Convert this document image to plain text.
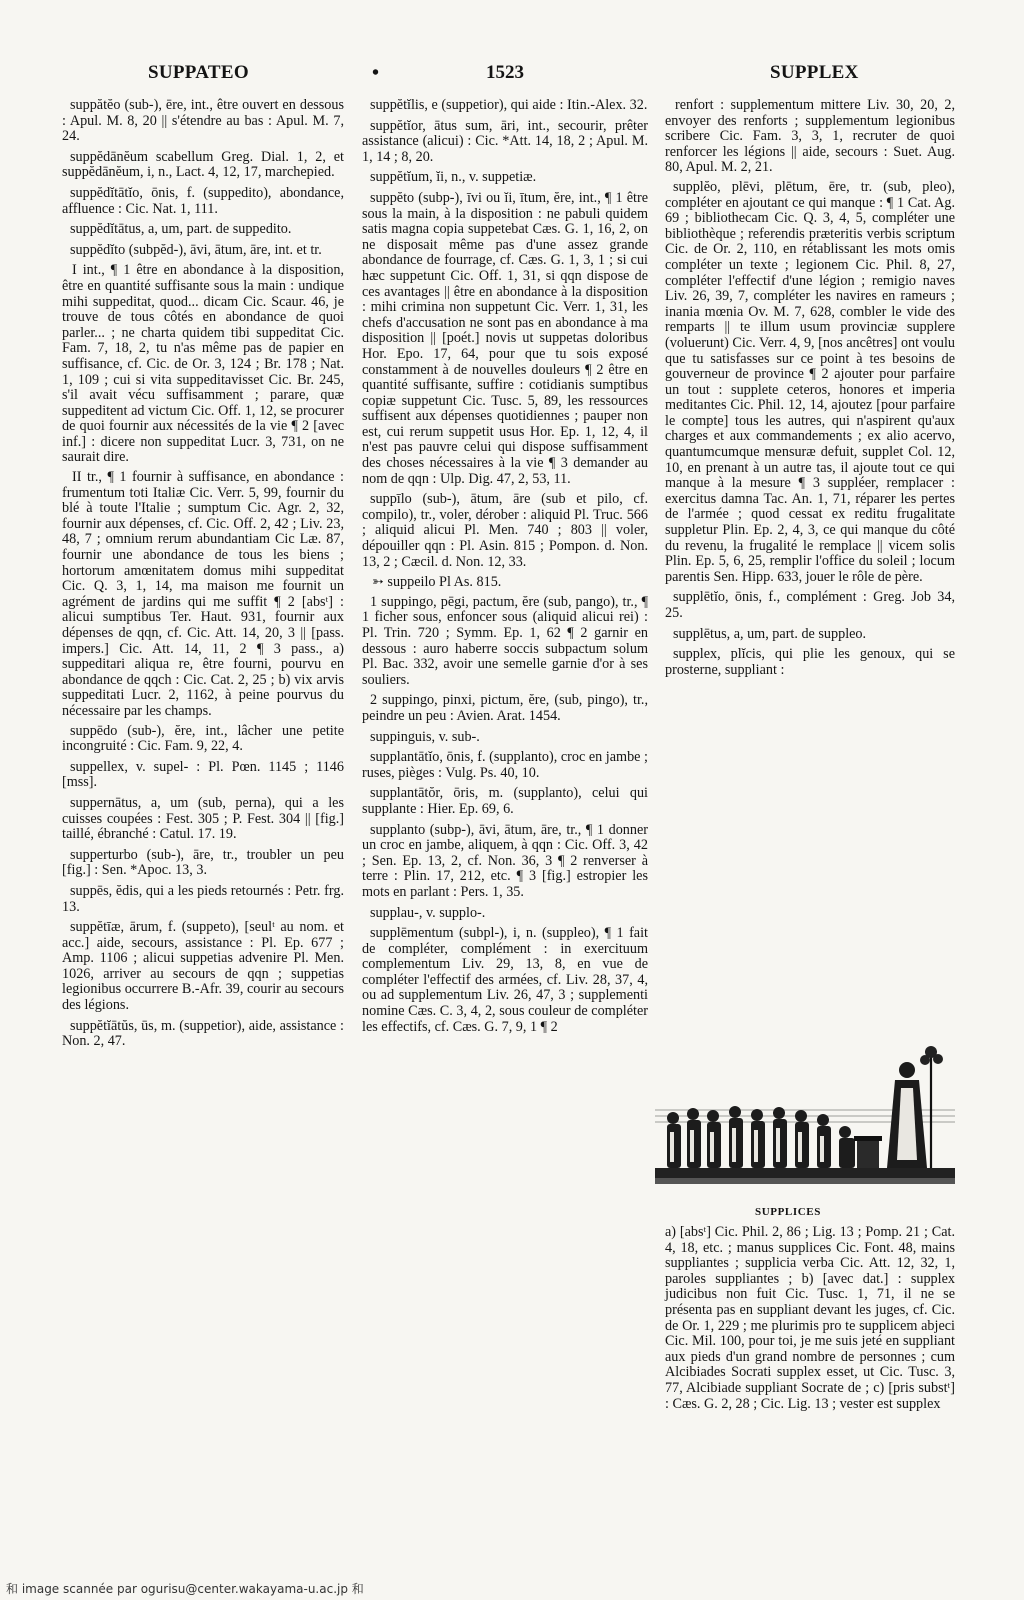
SUPPATEO	•	1523	SUPPLEX

suppătĕo (sub-), ēre, int., être ouvert en dessous : Apul. M. 8, 20 || s'étendre au bas : Apul. M. 7, 24.

suppĕdānĕum scabellum Greg. Dial. 1, 2, et suppĕdānĕum, i, n., Lact. 4, 12, 17, marchepied.

suppĕdĭtātĭo, ōnis, f. (suppedito), abondance, affluence : Cic. Nat. 1, 111.

suppĕdĭtātus, a, um, part. de suppedito.

suppĕdĭto (subpĕd-), āvi, ātum, āre, int. et tr.

I int., ¶ 1 être en abondance à la disposition, être en quantité suffisante sous la main : undique mihi suppeditat, quod... dicam Cic. Scaur. 46, je trouve de tous côtés en abondance de quoi parler... ; ne charta quidem tibi suppeditat Cic. Fam. 7, 18, 2, tu n'as même pas de papier en suffisance, cf. Cic. de Or. 3, 124 ; Br. 178 ; Nat. 1, 109 ; cui si vita suppeditavisset Cic. Br. 245, s'il avait vécu suffisamment ; parare, quæ suppeditent ad victum Cic. Off. 1, 12, se procurer de quoi fournir aux nécessités de la vie ¶ 2 [avec inf.] : dicere non suppeditat Lucr. 3, 731, on ne saurait dire.

II tr., ¶ 1 fournir à suffisance, en abondance : frumentum toti Italiæ Cic. Verr. 5, 99, fournir du blé à toute l'Italie ; sumptum Cic. Agr. 2, 32, fournir aux dépenses, cf. Cic. Off. 2, 42 ; Liv. 23, 48, 7 ; omnium rerum abundantiam Cic Læ. 87, fournir une abondance de tous les biens ; hortorum amœnitatem domus mihi suppeditat Cic. Q. 3, 1, 14, ma maison me fournit un agrément de jardins qui me suffit ¶ 2 [absᵗ] : alicui sumptibus Ter. Haut. 931, fournir aux dépenses de qqn, cf. Cic. Att. 14, 20, 3 || [pass. impers.] Cic. Att. 14, 11, 2 ¶ 3 pass., a) suppeditari aliqua re, être fourni, pourvu en abondance de qqch : Cic. Cat. 2, 25 ; b) vix arvis suppeditati Lucr. 2, 1162, à peine pourvus du nécessaire par les champs.

suppēdo (sub-), ĕre, int., lâcher une petite incongruité : Cic. Fam. 9, 22, 4.

suppellex, v. supel- : Pl. Pœn. 1145 ; 1146 [mss].

suppernātus, a, um (sub, perna), qui a les cuisses coupées : Fest. 305 ; P. Fest. 304 || [fig.] taillé, ébranché : Catul. 17. 19.

supperturbo (sub-), āre, tr., troubler un peu [fig.] : Sen. *Apoc. 13, 3.

suppēs, ĕdis, qui a les pieds retournés : Petr. frg. 13.

suppĕtīæ, ārum, f. (suppeto), [seulᵗ au nom. et acc.] aide, secours, assistance : Pl. Ep. 677 ; Amp. 1106 ; alicui suppetias advenire Pl. Men. 1026, arriver au secours de qqn ; suppetias legionibus occurrere B.-Afr. 39, courir au secours des légions.

suppĕtĭātŭs, ūs, m. (suppetior), aide, assistance : Non. 2, 47.

suppĕtĭlis, e (suppetior), qui aide : Itin.-Alex. 32.

suppĕtĭor, ātus sum, āri, int., secourir, prêter assistance (alicui) : Cic. *Att. 14, 18, 2 ; Apul. M. 1, 14 ; 8, 20.

suppĕtĭum, ĭi, n., v. suppetiæ.

suppĕto (subp-), īvi ou ĭi, ītum, ĕre, int., ¶ 1 être sous la main, à la disposition : ne pabuli quidem satis magna copia suppetebat Cæs. G. 1, 16, 2, on ne disposait même pas d'une assez grande abondance de fourrage, cf. Cæs. G. 1, 3, 1 ; si cui hæc suppetunt Cic. Off. 1, 31, si qqn dispose de ces avantages || être en abondance à la disposition : mihi crimina non suppetunt Cic. Verr. 1, 31, les chefs d'accusation ne sont pas en abondance à ma disposition || [poét.] novis ut suppetas doloribus Hor. Epo. 17, 64, pour que tu sois exposé constamment à de nouvelles douleurs ¶ 2 être en quantité suffisante, suffire : cotidianis sumptibus copiæ suppetunt Cic. Tusc. 5, 89, les ressources suffisent aux dépenses quotidiennes ; pauper non est, cui rerum suppetit usus Hor. Ep. 1, 12, 4, il n'est pas pauvre celui qui dispose suffisamment des choses nécessaires à la vie ¶ 3 demander au nom de qqn : Ulp. Dig. 47, 2, 53, 11.

suppīlo (sub-), ātum, āre (sub et pilo, cf. compilo), tr., voler, dérober : aliquid Pl. Truc. 566 ; aliquid alicui Pl. Men. 740 ; 803 || voler, dépouiller qqn : Pl. Asin. 815 ; Pompon. d. Non. 13, 2 ; Cæcil. d. Non. 12, 33.

➳ suppeilo Pl As. 815.

1 suppingo, pēgi, pactum, ĕre (sub, pango), tr., ¶ 1 ficher sous, enfoncer sous (aliquid alicui rei) : Pl. Trin. 720 ; Symm. Ep. 1, 62 ¶ 2 garnir en dessous : auro haberre soccis subpactum solum Pl. Bac. 332, avoir une semelle garnie d'or à ses souliers.

2 suppingo, pinxi, pictum, ĕre, (sub, pingo), tr., peindre un peu : Avien. Arat. 1454.

suppinguis, v. sub-.

supplantātĭo, ōnis, f. (supplanto), croc en jambe ; ruses, pièges : Vulg. Ps. 40, 10.

supplantātŏr, ōris, m. (supplanto), celui qui supplante : Hier. Ep. 69, 6.

supplanto (subp-), āvi, ātum, āre, tr., ¶ 1 donner un croc en jambe, aliquem, à qqn : Cic. Off. 3, 42 ; Sen. Ep. 13, 2, cf. Non. 36, 3 ¶ 2 renverser à terre : Plin. 17, 212, etc. ¶ 3 [fig.] estropier les mots en parlant : Pers. 1, 35.

supplau-, v. supplo-.

supplēmentum (subpl-), i, n. (suppleo), ¶ 1 fait de compléter, complément : in exercituum complementum Liv. 29, 13, 8, en vue de compléter l'effectif des armées, cf. Liv. 28, 37, 4, ou ad supplementum Liv. 26, 47, 3 ; supplementi nomine Cæs. C. 3, 4, 2, sous couleur de compléter les effectifs, cf. Cæs. G. 7, 9, 1 ¶ 2

renfort : supplementum mittere Liv. 30, 20, 2, envoyer des renforts ; supplementum legionibus scribere Cic. Fam. 3, 3, 1, recruter de quoi renforcer les légions || aide, secours : Suet. Aug. 80, Apul. M. 2, 21.

supplĕo, plēvi, plētum, ēre, tr. (sub, pleo), compléter en ajoutant ce qui manque : ¶ 1 Cat. Ag. 69 ; bibliothecam Cic. Q. 3, 4, 5, compléter une bibliothèque ; referendis præteritis verbis scriptum Cic. de Or. 2, 110, en rétablissant les mots omis compléter un texte ; legionem Cic. Phil. 8, 27, compléter l'effectif d'une légion ; remigio naves Liv. 26, 39, 7, compléter les navires en rameurs ; inania mœnia Ov. M. 7, 628, combler le vide des remparts || te illum usum provinciæ supplere (voluerunt) Cic. Verr. 4, 9, [nos ancêtres] ont voulu que tu satisfasses sur ce point à tes besoins de gouverneur de province ¶ 2 ajouter pour parfaire un tout : supplete ceteros, honores et imperia meditantes Cic. Phil. 12, 14, ajoutez [pour parfaire le compte] tous les autres, qui n'aspirent qu'aux charges et aux commandements ; ex alio acervo, quantumcumque mensuræ defuit, supplet Col. 12, 10, en prenant à un autre tas, il ajoute tout ce qui manque à la mesure ¶ 3 suppléer, remplacer : exercitus damna Tac. An. 1, 71, réparer les pertes de l'armée ; quod cessat ex reditu frugalitate suppletur Plin. Ep. 2, 4, 3, ce qui manque du côté du revenu, la frugalité le remplace || vicem solis Plin. Ep. 5, 6, 25, remplir l'office du soleil ; locum parentis Sen. Hipp. 633, jouer le rôle de père.

supplētĭo, ōnis, f., complément : Greg. Job 34, 25.

supplētus, a, um, part. de suppleo.

supplex, plĭcis, qui plie les genoux, qui se prosterne, suppliant :

SUPPLICES
a) [absᵗ] Cic. Phil. 2, 86 ; Lig. 13 ; Pomp. 21 ; Cat. 4, 18, etc. ; manus supplices Cic. Font. 48, mains suppliantes ; supplicia verba Cic. Att. 12, 32, 1, paroles suppliantes ; b) [avec dat.] : supplex judicibus non fuit Cic. Tusc. 1, 71, il ne se présenta pas en suppliant devant les juges, cf. Cic. de Or. 1, 229 ; me plurimis pro te supplicem abjeci Cic. Mil. 100, pour toi, je me suis jeté en suppliant aux pieds d'un grand nombre de personnes ; cum Alcibiades Socrati supplex esset, ut Cic. Tusc. 3, 77, Alcibiade suppliant Socrate de ; c) [pris substᵗ] : Cæs. G. 2, 28 ; Cic. Lig. 13 ; vester est supplex
和 image scannée par ogurisu@center.wakayama-u.ac.jp 和
